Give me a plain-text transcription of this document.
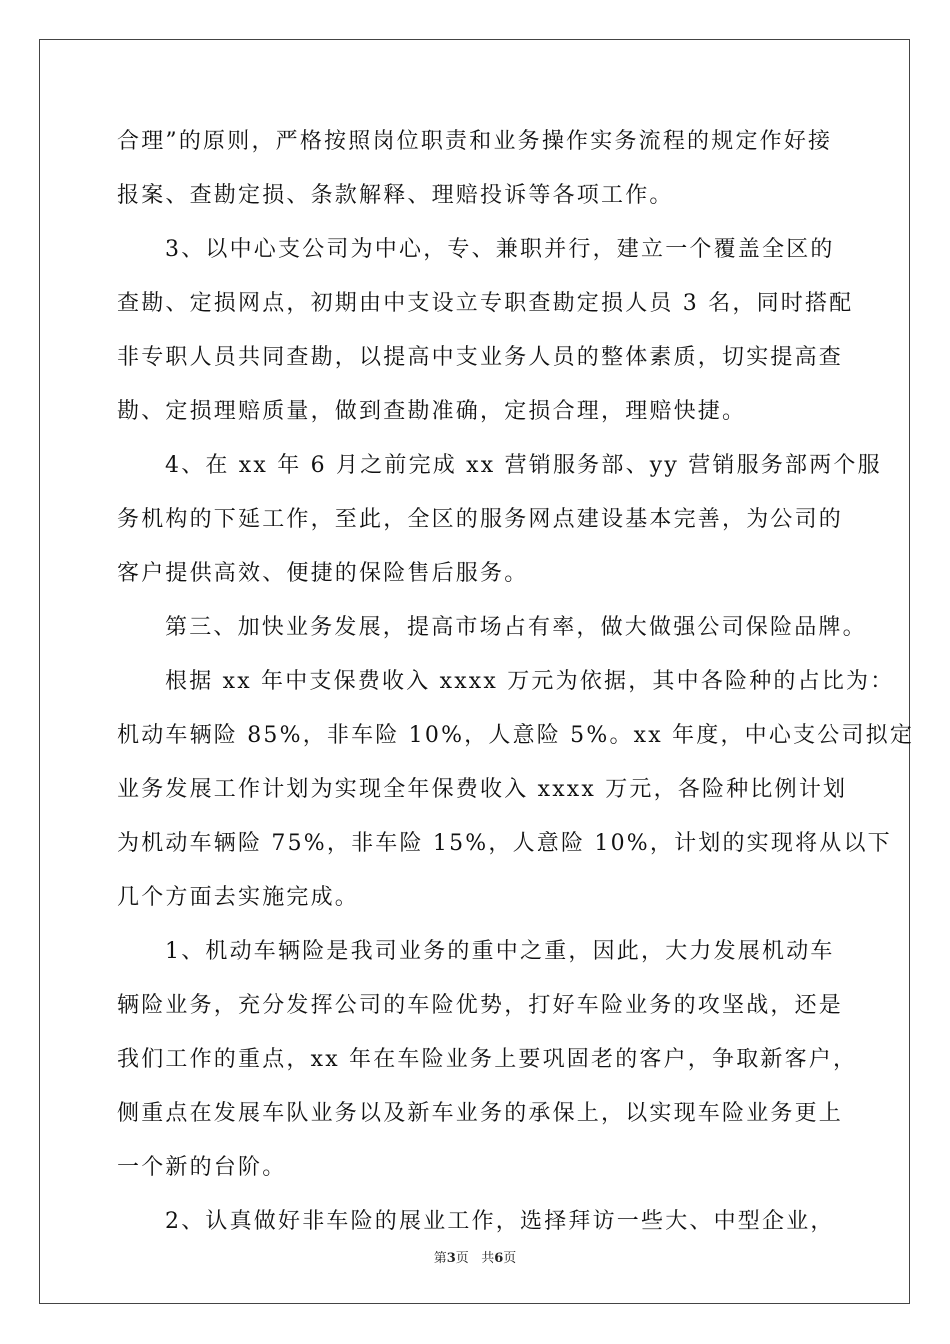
合理”的原则，严格按照岗位职责和业务操作实务流程的规定作好接
报案、查勘定损、条款解释、理赔投诉等各项工作。
3、以中心支公司为中心，专、兼职并行，建立一个覆盖全区的
查勘、定损网点，初期由中支设立专职查勘定损人员 3 名，同时搭配
非专职人员共同查勘，以提高中支业务人员的整体素质，切实提高查
勘、定损理赔质量，做到查勘准确，定损合理，理赔快捷。
4、在 xx 年 6 月之前完成 xx 营销服务部、yy 营销服务部两个服
务机构的下延工作，至此，全区的服务网点建设基本完善，为公司的
客户提供高效、便捷的保险售后服务。
第三、加快业务发展，提高市场占有率，做大做强公司保险品牌。
根据 xx 年中支保费收入 xxxx 万元为依据，其中各险种的占比为：
机动车辆险 85%，非车险 10%，人意险 5%。xx 年度，中心支公司拟定
业务发展工作计划为实现全年保费收入 xxxx 万元，各险种比例计划
为机动车辆险 75%，非车险 15%，人意险 10%，计划的实现将从以下
几个方面去实施完成。
1、机动车辆险是我司业务的重中之重，因此，大力发展机动车
辆险业务，充分发挥公司的车险优势，打好车险业务的攻坚战，还是
我们工作的重点，xx 年在车险业务上要巩固老的客户，争取新客户，
侧重点在发展车队业务以及新车业务的承保上，以实现车险业务更上
一个新的台阶。
2、认真做好非车险的展业工作，选择拜访一些大、中型企业，
第3页 共6页
